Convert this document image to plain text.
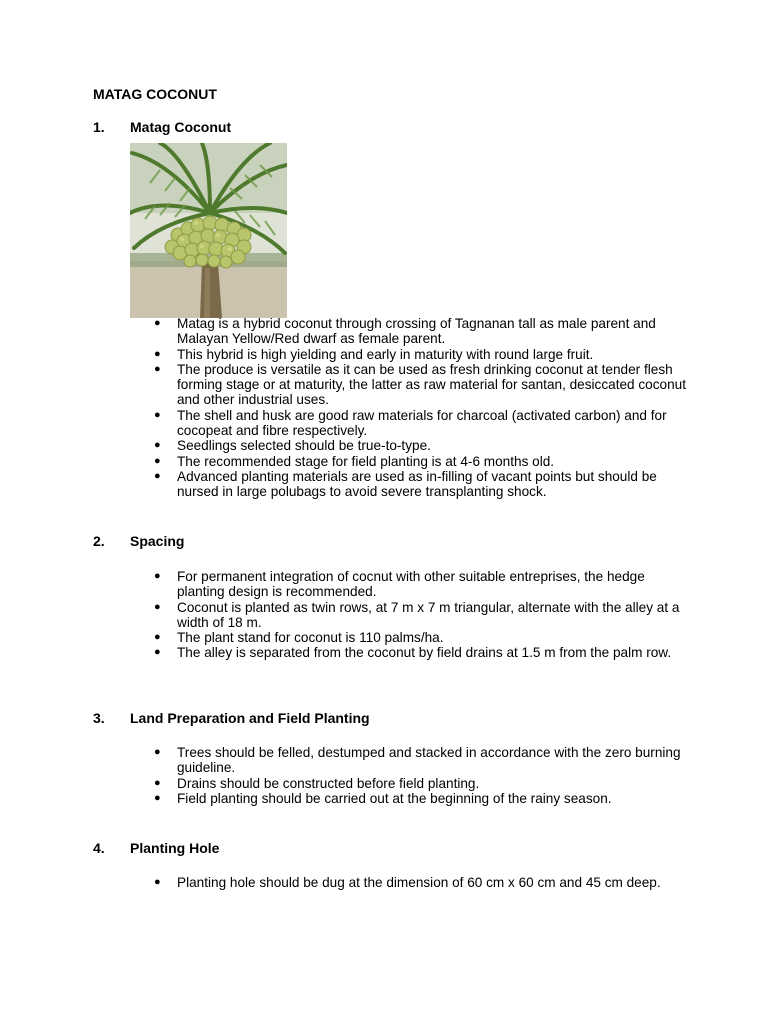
MATAG COCONUT
1.	Matag Coconut
● Matag is a hybrid coconut through crossing of Tagnanan tall as male parent and Malayan Yellow/Red dwarf as female parent.
● This hybrid is high yielding and early in maturity with round large fruit.
● The produce is versatile as it can be used as fresh drinking coconut at tender flesh forming stage or at maturity, the latter as raw material for santan, desiccated coconut and other industrial uses.
● The shell and husk are good raw materials for charcoal (activated carbon) and for cocopeat and fibre respectively.
● Seedlings selected should be true-to-type.
● The recommended stage for field planting is at 4-6 months old.
● Advanced planting materials are used as in-filling of vacant points but should be nursed in large polubags to avoid severe transplanting shock.
2.	Spacing
● For permanent integration of cocnut with other suitable entreprises, the hedge planting design is recommended.
● Coconut is planted as twin rows, at 7 m x 7 m triangular, alternate with the alley at a width of 18 m.
● The plant stand for coconut is 110 palms/ha.
● The alley is separated from the coconut by field drains at 1.5 m from the palm row.
3.	Land Preparation and Field Planting
● Trees should be felled, destumped and stacked in accordance with the zero burning guideline.
● Drains should be constructed before field planting.
● Field planting should be carried out at the beginning of the rainy season.
4.	Planting Hole
● Planting hole should be dug at the dimension of 60 cm x 60 cm and 45 cm deep.
